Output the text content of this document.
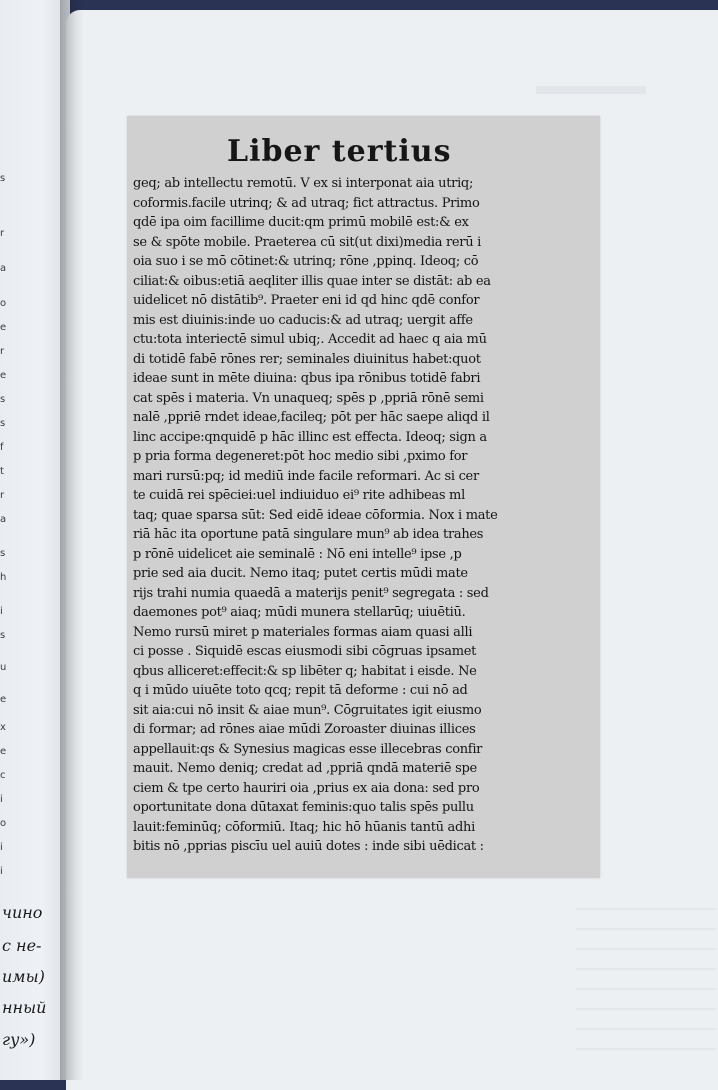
s
r
a
o
e
r
e
s
s
f
t
r
a
s
h
i
s
u
e
x
e
c
i
o
i
i
чино
с не-
имы)
нный
гу»)
Liber tertius
geq; ab intellectu remotū. V ex si interponat aia utriq;
coformis.facile utrinq; & ad utraq; fict attractus. Primo
qdē ipa oim facillime ducit:qm primū mobilē est:& ex
se & spōte mobile. Praeterea cū sit(ut dixi)media rerū i
oia suo i se mō cōtinet:& utrinq; rōne ,ppinq. Ideoq; cō
ciliat:& oibus:etiā aeqliter illis quae inter se distāt: ab ea
uidelicet nō distātib⁹. Praeter eni id qd hinc qdē confor
mis est diuinis:inde uo caducis:& ad utraq; uergit affe
ctu:tota interiectē simul ubiq;. Accedit ad haec q aia mū
di totidē fabē rōnes rer; seminales diuinitus habet:quot
ideae sunt in mēte diuina: qbus ipa rōnibus totidē fabri
cat spēs i materia. Vn unaqueq; spēs p ,ppriā rōnē semi
nalē ,ppriē rndet ideae,facileq; pōt per hāc saepe aliqd il
linc accipe:qnquidē p hāc illinc est effecta. Ideoq; sign a
p pria forma degeneret:pōt hoc medio sibi ,pximo for
mari rursū:pq; id mediū inde facile reformari. Ac si cer
te cuidā rei spēciei:uel indiuiduo ei⁹ rite adhibeas ml
taq; quae sparsa sūt: Sed eidē ideae cōformia. Nox i mate
riā hāc ita oportune patā singulare mun⁹ ab idea trahes
p rōnē uidelicet aie seminalē : Nō eni intelle⁹ ipse ,p
prie sed aia ducit. Nemo itaq; putet certis mūdi mate
rijs trahi numia quaedā a materijs penit⁹ segregata : sed
daemones pot⁹ aiaq; mūdi munera stellarūq; uiuētiū.
Nemo rursū miret p materiales formas aiam quasi alli
ci posse . Siquidē escas eiusmodi sibi cōgruas ipsamet
qbus alliceret:effecit:& sp libēter q; habitat i eisde. Ne
q i mūdo uiuēte toto qcq; repit tā deforme : cui nō ad
sit aia:cui nō insit & aiae mun⁹. Cōgruitates igit eiusmo
di formar; ad rōnes aiae mūdi Zoroaster diuinas illices
appellauit:qs & Synesius magicas esse illecebras confir
mauit. Nemo deniq; credat ad ,ppriā qndā materiē spe
ciem & tpe certo hauriri oia ,prius ex aia dona: sed pro
oportunitate dona dūtaxat feminis:quo talis spēs pullu
lauit:feminūq; cōformiū. Itaq; hic hō hūanis tantū adhi
bitis nō ,pprias piscīu uel auiū dotes : inde sibi uēdicat :
